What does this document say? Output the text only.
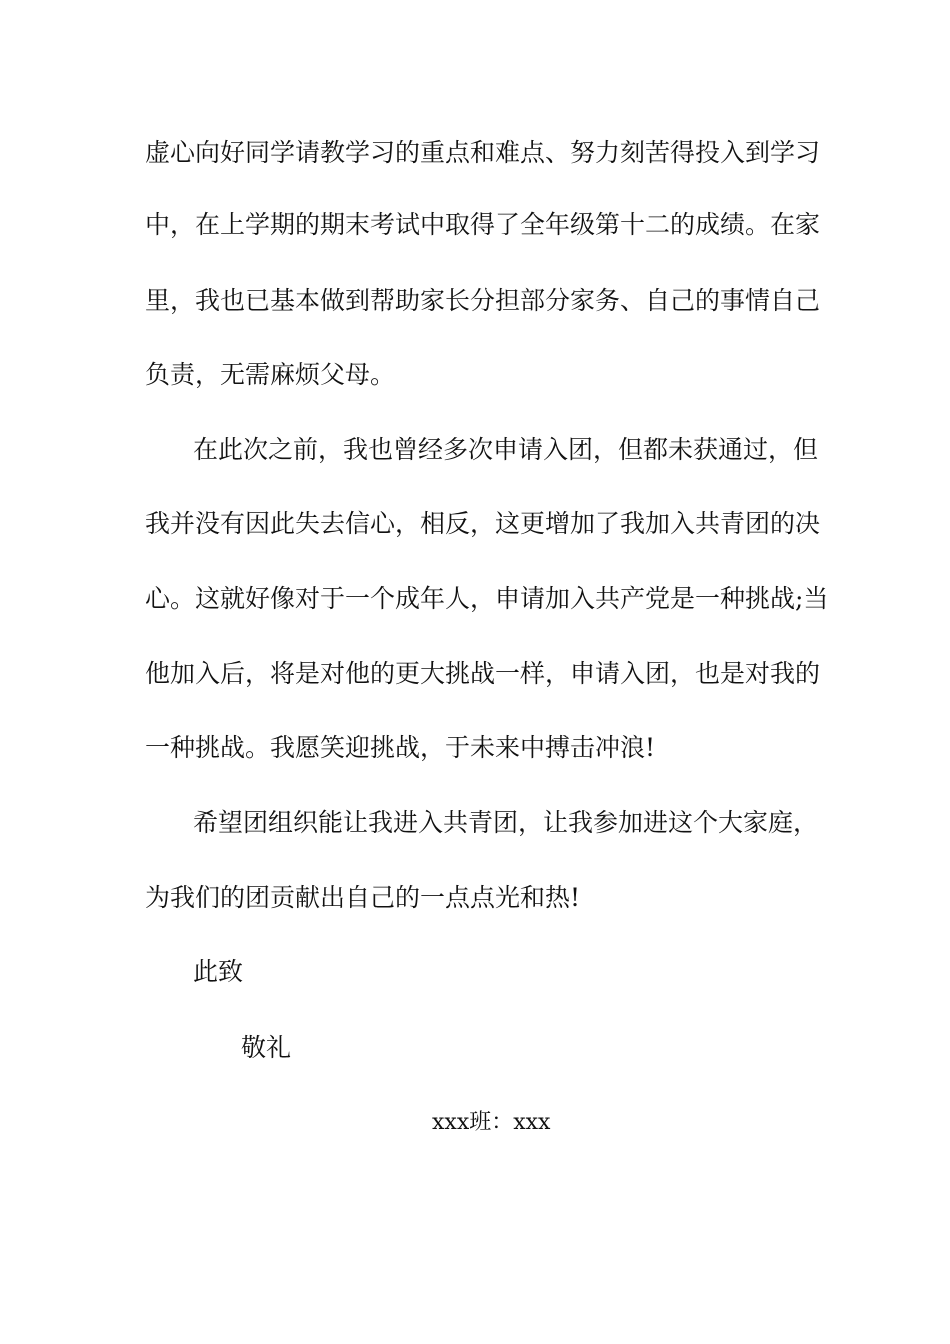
虚心向好同学请教学习的重点和难点、努力刻苦得投入到学习
中，在上学期的期末考试中取得了全年级第十二的成绩。在家
里，我也已基本做到帮助家长分担部分家务、自己的事情自己
负责，无需麻烦父母。
在此次之前，我也曾经多次申请入团，但都未获通过，但
我并没有因此失去信心，相反，这更增加了我加入共青团的决
心。这就好像对于一个成年人，申请加入共产党是一种挑战;当
他加入后，将是对他的更大挑战一样，申请入团，也是对我的
一种挑战。我愿笑迎挑战，于未来中搏击冲浪!
希望团组织能让我进入共青团，让我参加进这个大家庭，
为我们的团贡献出自己的一点点光和热!
此致
敬礼
xxx班：xxx
